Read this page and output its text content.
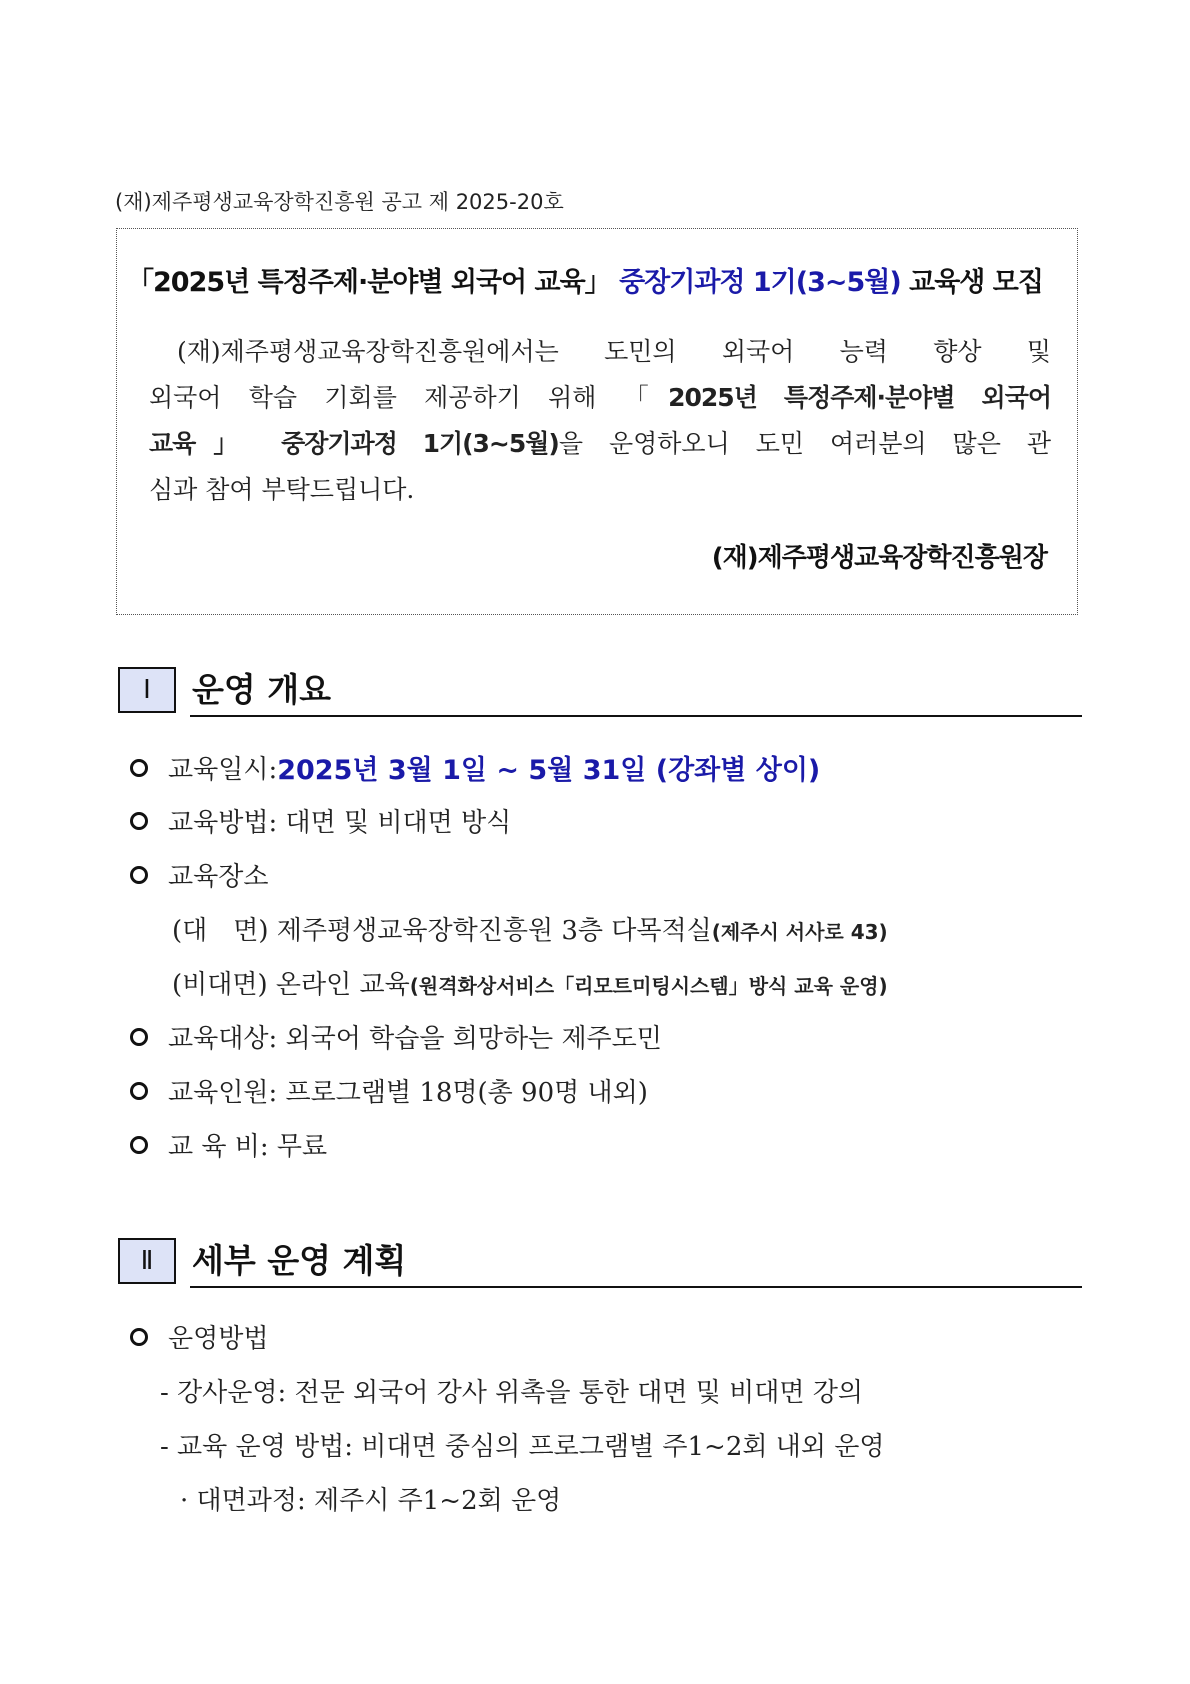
(재)제주평생교육장학진흥원 공고 제 2025-20호
「2025년 특정주제·분야별 외국어 교육」 중장기과정 1기(3~5월) 교육생 모집
(재)제주평생교육장학진흥원에서는 도민의 외국어 능력 향상 및
외국어 학습 기회를 제공하기 위해 「2025년 특정주제·분야별 외국어
교육」 중장기과정 1기(3~5월)을 운영하오니 도민 여러분의 많은 관
심과 참여 부탁드립니다.
(재)제주평생교육장학진흥원장
Ⅰ	운영 개요
교육일시: 2025년 3월 1일 ~ 5월 31일 (강좌별 상이)
교육방법: 대면 및 비대면 방식
교육장소
(대　면) 제주평생교육장학진흥원 3층 다목적실(제주시 서사로 43)
(비대면) 온라인 교육(원격화상서비스「리모트미팅시스템」방식 교육 운영)
교육대상: 외국어 학습을 희망하는 제주도민
교육인원: 프로그램별 18명(총 90명 내외)
교 육 비: 무료
Ⅱ	세부 운영 계획
운영방법
- 강사운영: 전문 외국어 강사 위촉을 통한 대면 및 비대면 강의
- 교육 운영 방법: 비대면 중심의 프로그램별 주1~2회 내외 운영
· 대면과정: 제주시 주1~2회 운영
